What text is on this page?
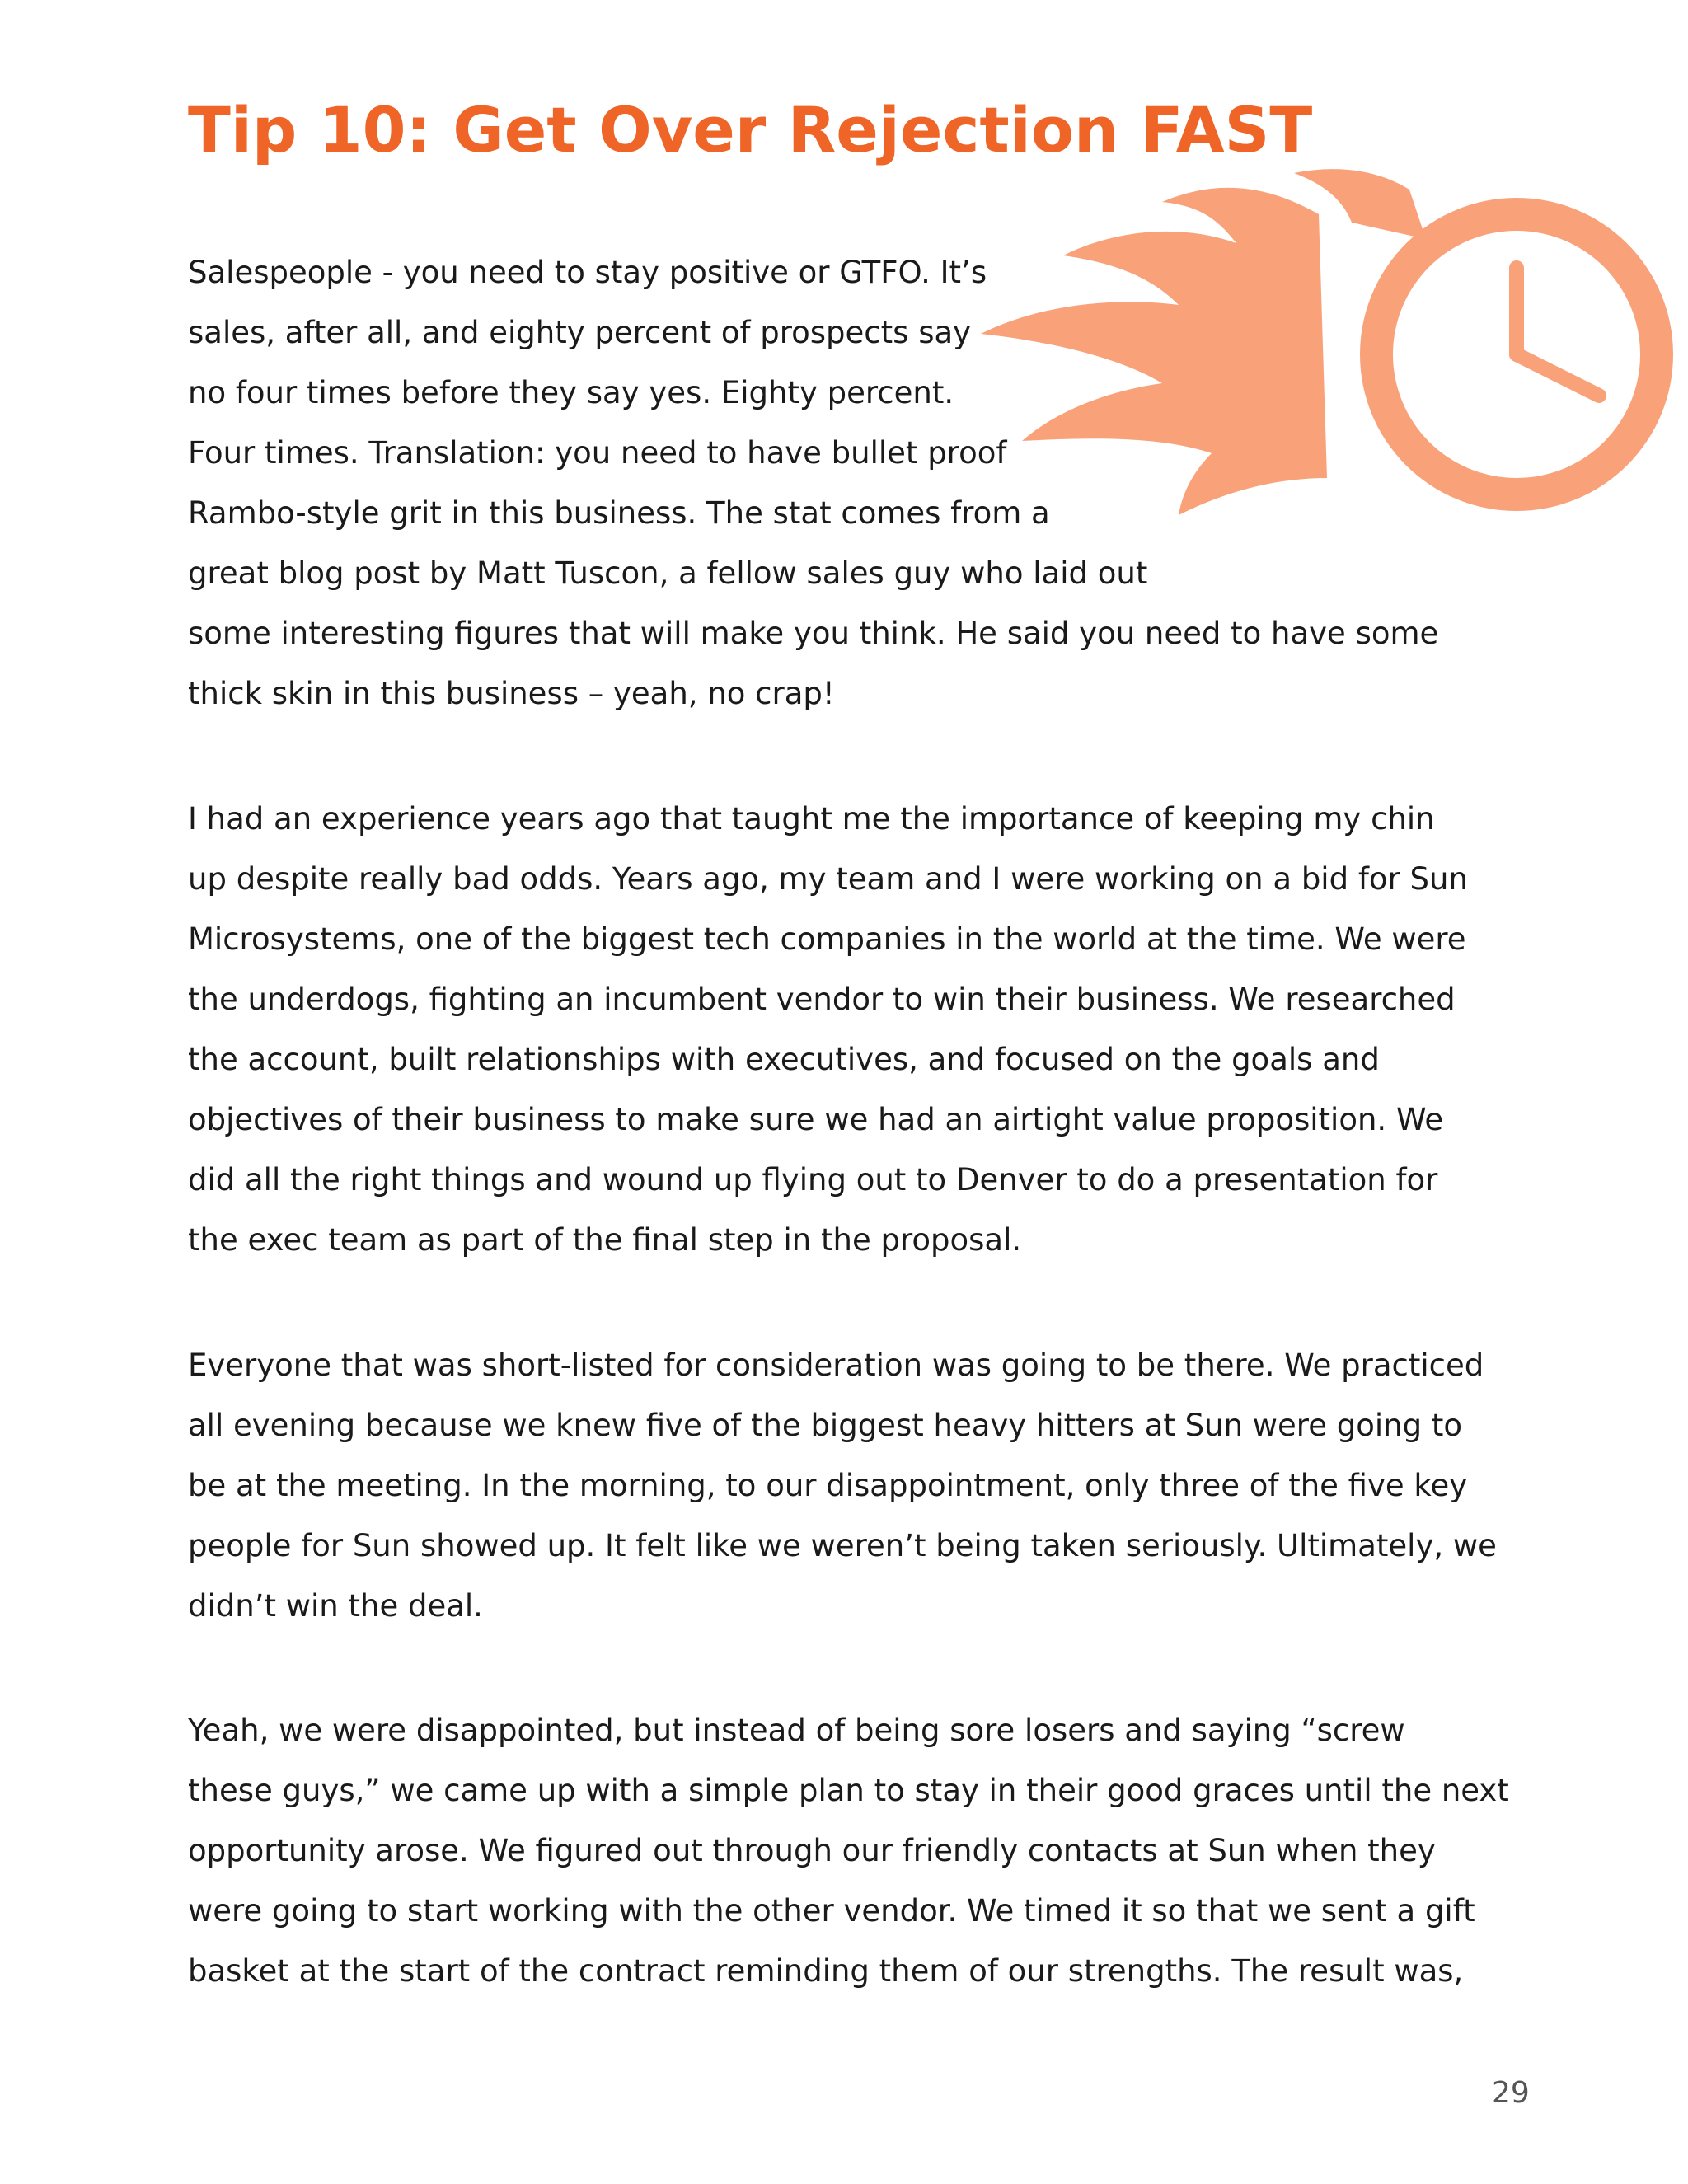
Tip 10: Get Over Rejection FAST
Salespeople - you need to stay positive or GTFO. It’s
sales, after all, and eighty percent of prospects say
no four times before they say yes. Eighty percent.
Four times. Translation: you need to have bullet proof
Rambo-style grit in this business. The stat comes from a
great blog post by Matt Tuscon, a fellow sales guy who laid out
some interesting figures that will make you think. He said you need to have some
thick skin in this business – yeah, no crap!
I had an experience years ago that taught me the importance of keeping my chin
up despite really bad odds. Years ago, my team and I were working on a bid for Sun
Microsystems, one of the biggest tech companies in the world at the time. We were
the underdogs, fighting an incumbent vendor to win their business. We researched
the account, built relationships with executives, and focused on the goals and
objectives of their business to make sure we had an airtight value proposition. We
did all the right things and wound up flying out to Denver to do a presentation for
the exec team as part of the final step in the proposal.
Everyone that was short-listed for consideration was going to be there. We practiced
all evening because we knew five of the biggest heavy hitters at Sun were going to
be at the meeting. In the morning, to our disappointment, only three of the five key
people for Sun showed up. It felt like we weren’t being taken seriously. Ultimately, we
didn’t win the deal.
Yeah, we were disappointed, but instead of being sore losers and saying “screw
these guys,” we came up with a simple plan to stay in their good graces until the next
opportunity arose. We figured out through our friendly contacts at Sun when they
were going to start working with the other vendor. We timed it so that we sent a gift
basket at the start of the contract reminding them of our strengths. The result was,
29
